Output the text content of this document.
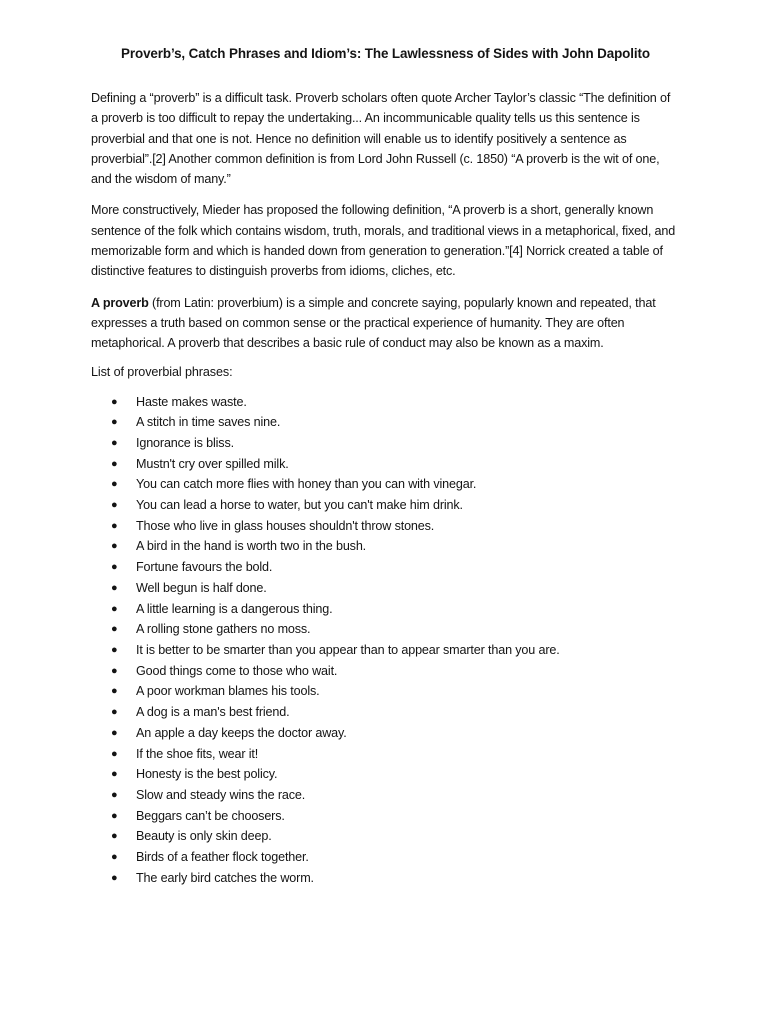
Proverb’s, Catch Phrases and Idiom’s: The Lawlessness of Sides with John Dapolito

Defining a “proverb” is a difficult task. Proverb scholars often quote Archer Taylor’s classic “The definition of a proverb is too difficult to repay the undertaking... An incommunicable quality tells us this sentence is proverbial and that one is not. Hence no definition will enable us to identify positively a sentence as proverbial”.[2] Another common definition is from Lord John Russell (c. 1850) “A proverb is the wit of one, and the wisdom of many.”

More constructively, Mieder has proposed the following definition, “A proverb is a short, generally known sentence of the folk which contains wisdom, truth, morals, and traditional views in a metaphorical, fixed, and memorizable form and which is handed down from generation to generation.”[4] Norrick created a table of distinctive features to distinguish proverbs from idioms, cliches, etc.

A proverb (from Latin: proverbium) is a simple and concrete saying, popularly known and repeated, that expresses a truth based on common sense or the practical experience of humanity. They are often metaphorical. A proverb that describes a basic rule of conduct may also be known as a maxim.

List of proverbial phrases:
● Haste makes waste.
● A stitch in time saves nine.
● Ignorance is bliss.
● Mustn't cry over spilled milk.
● You can catch more flies with honey than you can with vinegar.
● You can lead a horse to water, but you can't make him drink.
● Those who live in glass houses shouldn't throw stones.
● A bird in the hand is worth two in the bush.
● Fortune favours the bold.
● Well begun is half done.
● A little learning is a dangerous thing.
● A rolling stone gathers no moss.
● It is better to be smarter than you appear than to appear smarter than you are.
● Good things come to those who wait.
● A poor workman blames his tools.
● A dog is a man's best friend.
● An apple a day keeps the doctor away.
● If the shoe fits, wear it!
● Honesty is the best policy.
● Slow and steady wins the race.
● Beggars can’t be choosers.
● Beauty is only skin deep.
● Birds of a feather flock together.
● The early bird catches the worm.
